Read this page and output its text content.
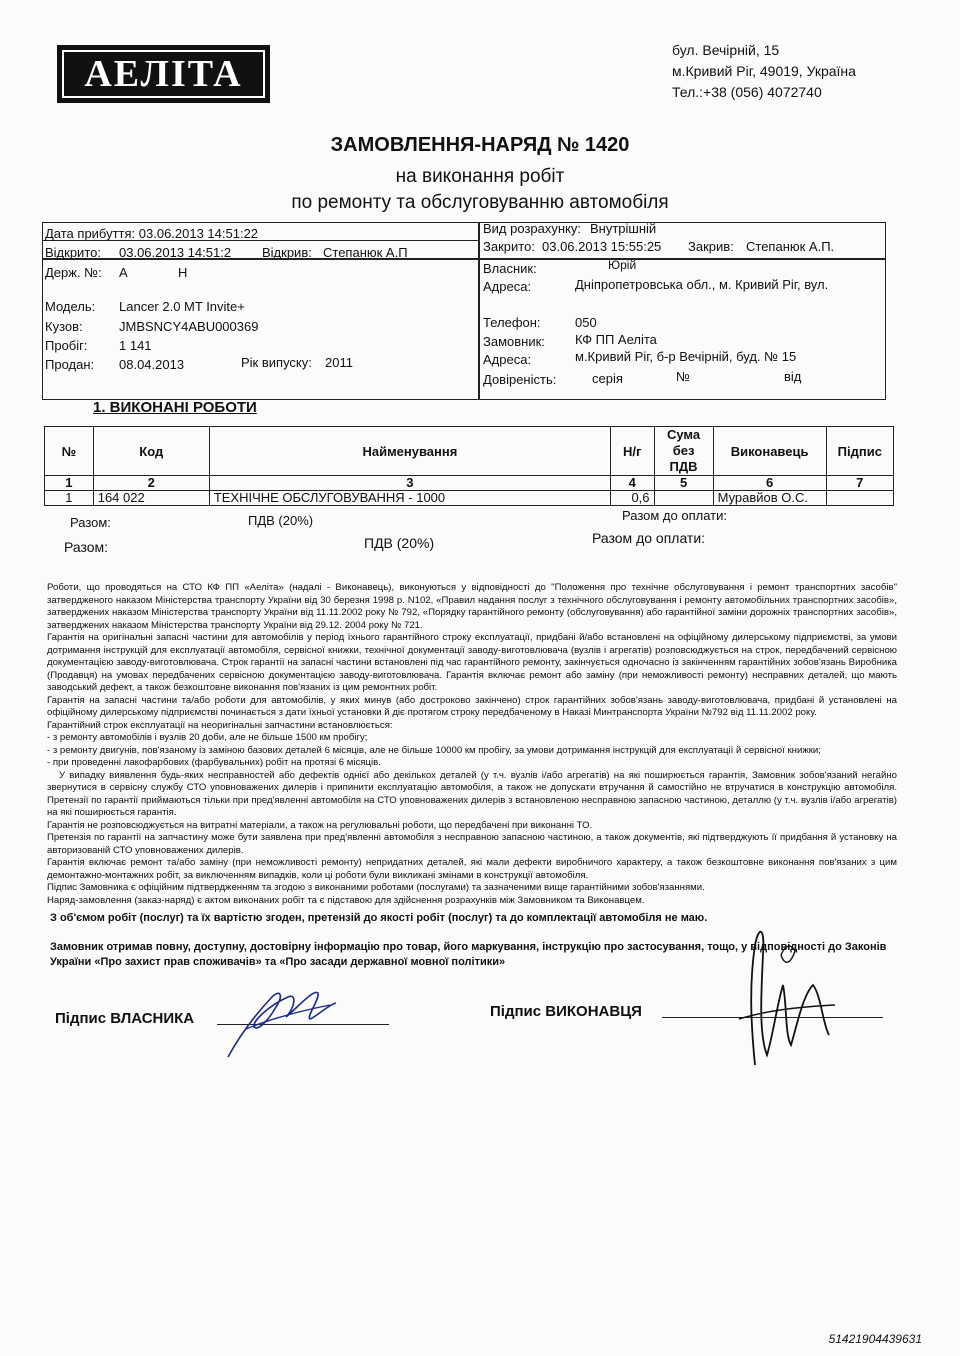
АЕЛІТА
бул. Вечірній, 15
м.Кривий Ріг, 49019, Україна
Тел.:+38 (056) 4072740
ЗАМОВЛЕННЯ-НАРЯД № 1420
на виконання робіт
по ремонту та обслуговуванню автомобіля
Дата прибуття: 03.06.2013 14:51:22
Відкрито: 03.06.2013 14:51:2 Відкрив: Степанюк А.П
Вид розрахунку: Внутрішній
Закрито: 03.06.2013 15:55:25 Закрив: Степанюк А.П.
Держ. №: А	Н
Модель: Lancer 2.0 MT Invite+
Кузов:	JMBSNCY4ABU000369
Пробіг: 1 141
Продан: 08.04.2013	Рік випуску: 2011
Власник:	Юрій
Адреса:	Дніпропетровська обл., м. Кривий Ріг, вул.
Телефон:	050
Замовник: КФ ПП Аеліта
Адреса:	м.Кривий Ріг, б-р Вечірній, буд. № 15
Довіреність:	серія	№	від
1. ВИКОНАНІ РОБОТИ
№	Код	Найменування	Н/г	Сума без ПДВ	Виконавець	Підпис
1	2	3	4	5	6	7
1	164 022	ТЕХНІЧНЕ ОБСЛУГОВУВАННЯ - 1000	0,6		Муравйов О.С.	
Разом:	ПДВ (20%)	Разом до оплати:
Разом:	ПДВ (20%)	Разом до оплати:

Роботи, що проводяться на СТО КФ ПП «Аеліта» (надалі - Виконавець), виконуються у відповідності до "Положення про технічне обслуговування і ремонт транспортних засобів" затвердженого наказом Міністерства транспорту України від 30 березня 1998 р. N102, «Правил надання послуг з технічного обслуговування і ремонту автомобільних транспортних засобів», затверджених наказом Міністерства транспорту України від 11.11.2002 року № 792, «Порядку гарантійного ремонту (обслуговування) або гарантійної заміни дорожніх транспортних засобів», затверджених наказом Міністерства транспорту України від 29.12. 2004 року № 721.

Гарантія на оригінальні запасні частини для автомобілів у період їхнього гарантійного строку експлуатації, придбані й/або встановлені на офіційному дилерському підприємстві, за умови дотримання інструкцій для експлуатації автомобіля, сервісної книжки, технічної документації заводу-виготовлювача (вузлів і агрегатів) розповсюджується на строк, передбачений сервісною документацією заводу-виготовлювача. Строк гарантії на запасні частини встановлені під час гарантійного ремонту, закінчується одночасно із закінченням гарантійних зобов'язань Виробника (Продавця) на умовах передбачених сервісною документацією заводу-виготовлювача. Гарантія включає ремонт або заміну (при неможливості ремонту) несправних деталей, що мають заводський дефект, а також безкоштовне виконання пов'язаних із цим ремонтних робіт.

Гарантія на запасні частини та/або роботи для автомобілів, у яких минув (або достроково закінчено) строк гарантійних зобов'язань заводу-виготовлювача, придбані й установлені на офіційному дилерському підприємстві починається з дати їхньої установки й діє протягом строку передбаченому в Наказі Минтранспорта України №792 від 11.11.2002 року.

Гарантійний строк експлуатації на неоригінальні запчастини встановлюється:

- з ремонту автомобілів і вузлів 20 доби, але не більше 1500 км пробігу;

- з ремонту двигунів, пов'язаному із заміною базових деталей 6 місяців, але не більше 10000 км пробігу, за умови дотримання інструкцій для експлуатації й сервісної книжки;

- при проведенні лакофарбових (фарбувальних) робіт на протязі 6 місяців.

У випадку виявлення будь-яких несправностей або дефектів однієї або декількох деталей (у т.ч. вузлів і/або агрегатів) на які поширюється гарантія, Замовник зобов'язаний негайно звернутися в сервісну службу СТО уповноважених дилерів і припинити експлуатацію автомобіля, а також не допускати втручання й самостійно не втручатися в конструкцію автомобіля. Претензії по гарантії приймаються тільки при пред'явленні автомобіля на СТО уповноважених дилерів з встановленою несправною запасною частиною, деталлю (у т.ч. вузлів і/або агрегатів) на які поширюється гарантія.

Гарантія не розповсюджується на витратні матеріали, а також на регулювальні роботи, що передбачені при виконанні ТО.

Претензія по гарантії на запчастину може бути заявлена при пред'явленні автомобіля з несправною запасною частиною, а також документів, які підтверджують її придбання й установку на авторизованій СТО уповноважених дилерів.

Гарантія включає ремонт та/або заміну (при неможливості ремонту) непридатних деталей, які мали дефекти виробничого характеру, а також безкоштовне виконання пов'язаних з цим демонтажно-монтажних робіт, за виключенням випадків, коли ці роботи були викликані змінами в конструкції автомобіля.

Підпис Замовника є офіційним підтвердженням та згодою з виконаними роботами (послугами) та зазначеними вище гарантійними зобов'язаннями.

Наряд-замовлення (заказ-наряд) є актом виконаних робіт та є підставою для здійснення розрахунків між Замовником та Виконавцем.

З об'ємом робіт (послуг) та їх вартістю згоден, претензій до якості робіт (послуг) та до комплектації автомобіля не маю.
Замовник отримав повну, доступну, достовірну інформацію про товар, його маркування, інструкцію про застосування, тощо, у відповідності до Законів України «Про захист прав споживачів» та «Про засади державної мовної політики»
Підпис ВЛАСНИКА	Підпис ВИКОНАВЦЯ
51421904439631
